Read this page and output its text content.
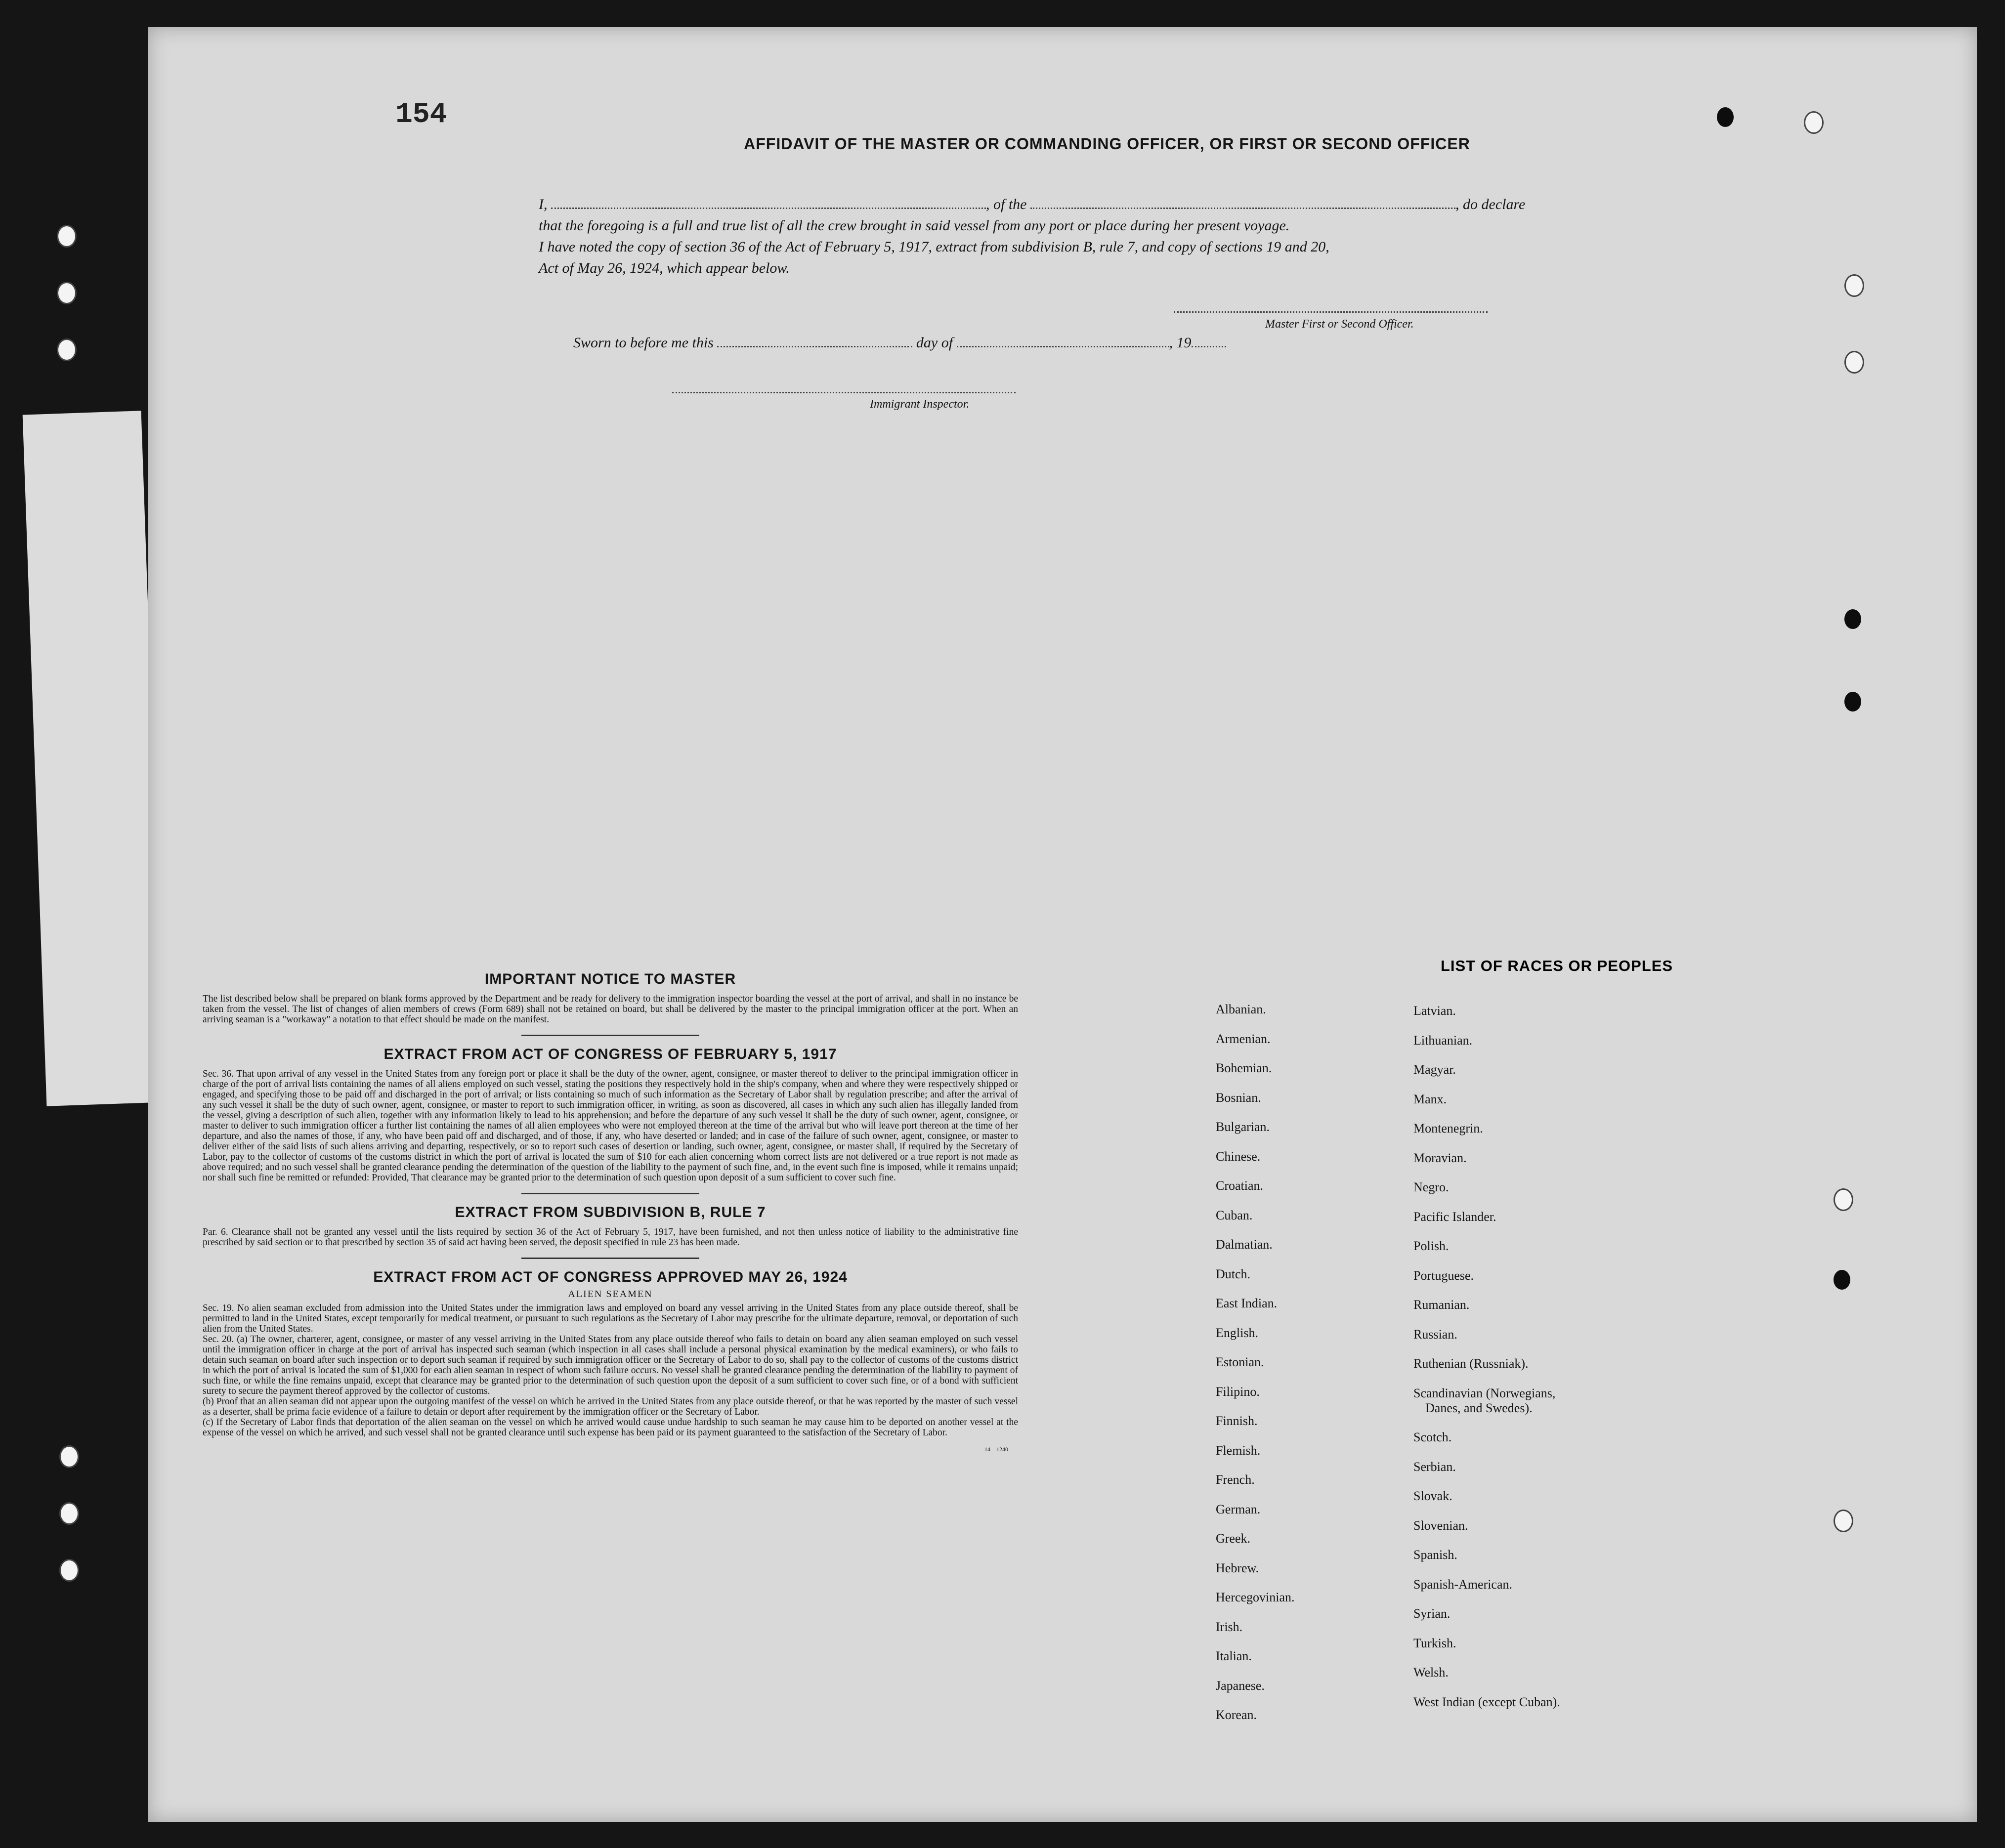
154
AFFIDAVIT OF THE MASTER OR COMMANDING OFFICER, OR FIRST OR SECOND OFFICER
I,	, of the	, do declare
that the foregoing is a full and true list of all the crew brought in said vessel from any port or place during her present voyage.
I have noted the copy of section 36 of the Act of February 5, 1917, extract from subdivision B, rule 7, and copy of sections 19 and 20,
Act of May 26, 1924, which appear below.
Master First or Second Officer.
Sworn to before me this	day of	, 19
Immigrant Inspector.
IMPORTANT NOTICE TO MASTER

The list described below shall be prepared on blank forms approved by the Department and be ready for delivery to the immigration inspector boarding the vessel at the port of arrival, and shall in no instance be taken from the vessel. The list of changes of alien members of crews (Form 689) shall not be retained on board, but shall be delivered by the master to the principal immigration officer at the port. When an arriving seaman is a "workaway" a notation to that effect should be made on the manifest.

EXTRACT FROM ACT OF CONGRESS OF FEBRUARY 5, 1917

Sec. 36. That upon arrival of any vessel in the United States from any foreign port or place it shall be the duty of the owner, agent, consignee, or master thereof to deliver to the principal immigration officer in charge of the port of arrival lists containing the names of all aliens employed on such vessel, stating the positions they respectively hold in the ship's company, when and where they were respectively shipped or engaged, and specifying those to be paid off and discharged in the port of arrival; or lists containing so much of such information as the Secretary of Labor shall by regulation prescribe; and after the arrival of any such vessel it shall be the duty of such owner, agent, consignee, or master to report to such immigration officer, in writing, as soon as discovered, all cases in which any such alien has illegally landed from the vessel, giving a description of such alien, together with any information likely to lead to his apprehension; and before the departure of any such vessel it shall be the duty of such owner, agent, consignee, or master to deliver to such immigration officer a further list containing the names of all alien employees who were not employed thereon at the time of the arrival but who will leave port thereon at the time of her departure, and also the names of those, if any, who have been paid off and discharged, and of those, if any, who have deserted or landed; and in case of the failure of such owner, agent, consignee, or master to deliver either of the said lists of such aliens arriving and departing, respectively, or so to report such cases of desertion or landing, such owner, agent, consignee, or master shall, if required by the Secretary of Labor, pay to the collector of customs of the customs district in which the port of arrival is located the sum of $10 for each alien concerning whom correct lists are not delivered or a true report is not made as above required; and no such vessel shall be granted clearance pending the determination of the question of the liability to the payment of such fine, and, in the event such fine is imposed, while it remains unpaid; nor shall such fine be remitted or refunded: Provided, That clearance may be granted prior to the determination of such question upon deposit of a sum sufficient to cover such fine.

EXTRACT FROM SUBDIVISION B, RULE 7

Par. 6. Clearance shall not be granted any vessel until the lists required by section 36 of the Act of February 5, 1917, have been furnished, and not then unless notice of liability to the administrative fine prescribed by said section or to that prescribed by section 35 of said act having been served, the deposit specified in rule 23 has been made.

EXTRACT FROM ACT OF CONGRESS APPROVED MAY 26, 1924
ALIEN SEAMEN

Sec. 19. No alien seaman excluded from admission into the United States under the immigration laws and employed on board any vessel arriving in the United States from any place outside thereof, shall be permitted to land in the United States, except temporarily for medical treatment, or pursuant to such regulations as the Secretary of Labor may prescribe for the ultimate departure, removal, or deportation of such alien from the United States.

Sec. 20. (a) The owner, charterer, agent, consignee, or master of any vessel arriving in the United States from any place outside thereof who fails to detain on board any alien seaman employed on such vessel until the immigration officer in charge at the port of arrival has inspected such seaman (which inspection in all cases shall include a personal physical examination by the medical examiners), or who fails to detain such seaman on board after such inspection or to deport such seaman if required by such immigration officer or the Secretary of Labor to do so, shall pay to the collector of customs of the customs district in which the port of arrival is located the sum of $1,000 for each alien seaman in respect of whom such failure occurs. No vessel shall be granted clearance pending the determination of the liability to payment of such fine, or while the fine remains unpaid, except that clearance may be granted prior to the determination of such question upon the deposit of a sum sufficient to cover such fine, or of a bond with sufficient surety to secure the payment thereof approved by the collector of customs.

(b) Proof that an alien seaman did not appear upon the outgoing manifest of the vessel on which he arrived in the United States from any place outside thereof, or that he was reported by the master of such vessel as a deserter, shall be prima facie evidence of a failure to detain or deport after requirement by the immigration officer or the Secretary of Labor.

(c) If the Secretary of Labor finds that deportation of the alien seaman on the vessel on which he arrived would cause undue hardship to such seaman he may cause him to be deported on another vessel at the expense of the vessel on which he arrived, and such vessel shall not be granted clearance until such expense has been paid or its payment guaranteed to the satisfaction of the Secretary of Labor.

14—1240
LIST OF RACES OR PEOPLES
Albanian.
Armenian.
Bohemian.
Bosnian.
Bulgarian.
Chinese.
Croatian.
Cuban.
Dalmatian.
Dutch.
East Indian.
English.
Estonian.
Filipino.
Finnish.
Flemish.
French.
German.
Greek.
Hebrew.
Hercegovinian.
Irish.
Italian.
Japanese.
Korean.
Latvian.
Lithuanian.
Magyar.
Manx.
Montenegrin.
Moravian.
Negro.
Pacific Islander.
Polish.
Portuguese.
Rumanian.
Russian.
Ruthenian (Russniak).
Scandinavian (Norwegians,
Danes, and Swedes).
Scotch.
Serbian.
Slovak.
Slovenian.
Spanish.
Spanish-American.
Syrian.
Turkish.
Welsh.
West Indian (except Cuban).
